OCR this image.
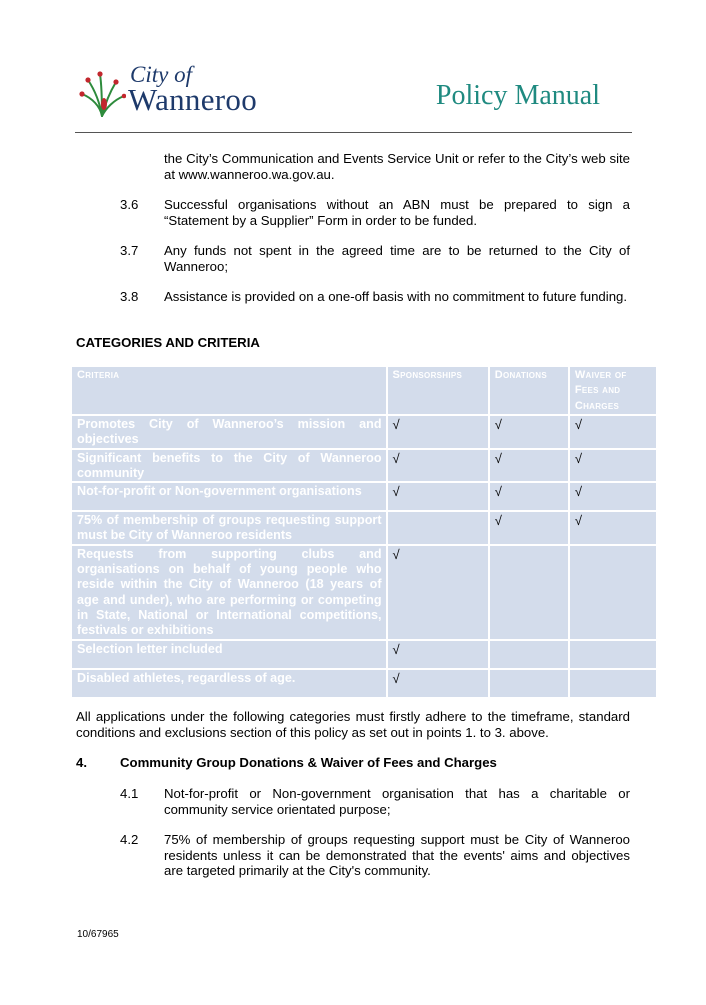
City of
Wanneroo	Policy Manual
the City’s Communication and Events Service Unit or refer to the City’s web site at www.wanneroo.wa.gov.au.
3.6 Successful organisations without an ABN must be prepared to sign a “Statement by a Supplier” Form in order to be funded.
3.7 Any funds not spent in the agreed time are to be returned to the City of Wanneroo;
3.8 Assistance is provided on a one-off basis with no commitment to future funding.
CATEGORIES AND CRITERIA
Criteria	Sponsorships	Donations	Waiver of Fees and Charges
Promotes City of Wanneroo’s mission and objectives	√	√	√
Significant benefits to the City of Wanneroo community	√	√	√
Not-for-profit or Non-government organisations	√	√	√
75% of membership of groups requesting support must be City of Wanneroo residents		√	√
Requests from supporting clubs and organisations on behalf of young people who reside within the City of Wanneroo (18 years of age and under), who are performing or competing in State, National or International competitions, festivals or exhibitions	√		
Selection letter included	√		
Disabled athletes, regardless of age.	√		
All applications under the following categories must firstly adhere to the timeframe, standard conditions and exclusions section of this policy as set out in points 1. to 3. above.
4.	Community Group Donations & Waiver of Fees and Charges
4.1 Not-for-profit or Non-government organisation that has a charitable or community service orientated purpose;
4.2 75% of membership of groups requesting support must be City of Wanneroo residents unless it can be demonstrated that the events' aims and objectives are targeted primarily at the City's community.
10/67965
